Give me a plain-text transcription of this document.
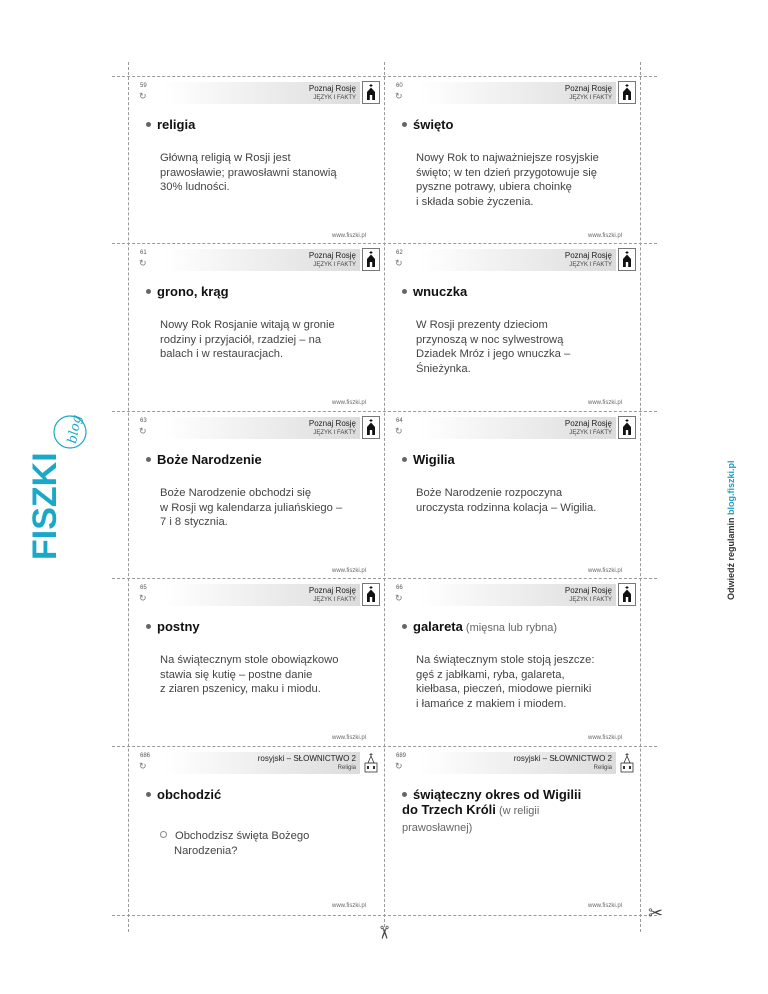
FISZKI
blog
Odwiedź regulamin blog.fiszki.pl
✂
✂
59
↻
Poznaj Rosję
JĘZYK I FAKTY
religia
Główną religią w Rosji jest
prawosławie; prawosławni stanowią
30% ludności.
www.fiszki.pl
60
↻
Poznaj Rosję
JĘZYK I FAKTY
święto
Nowy Rok to najważniejsze rosyjskie
święto; w ten dzień przygotowuje się
pyszne potrawy, ubiera choinkę
i składa sobie życzenia.
www.fiszki.pl
61
↻
Poznaj Rosję
JĘZYK I FAKTY
grono, krąg
Nowy Rok Rosjanie witają w gronie
rodziny i przyjaciół, rzadziej – na
balach i w restauracjach.
www.fiszki.pl
62
↻
Poznaj Rosję
JĘZYK I FAKTY
wnuczka
W Rosji prezenty dzieciom
przynoszą w noc sylwestrową
Dziadek Mróz i jego wnuczka –
Śnieżynka.
www.fiszki.pl
63
↻
Poznaj Rosję
JĘZYK I FAKTY
Boże Narodzenie
Boże Narodzenie obchodzi się
w Rosji wg kalendarza juliańskiego –
7 i 8 stycznia.
www.fiszki.pl
64
↻
Poznaj Rosję
JĘZYK I FAKTY
Wigilia
Boże Narodzenie rozpoczyna
uroczysta rodzinna kolacja – Wigilia.
www.fiszki.pl
65
↻
Poznaj Rosję
JĘZYK I FAKTY
postny
Na świątecznym stole obowiązkowo
stawia się kutię – postne danie
z ziaren pszenicy, maku i miodu.
www.fiszki.pl
66
↻
Poznaj Rosję
JĘZYK I FAKTY
galareta (mięsna lub rybna)
Na świątecznym stole stoją jeszcze:
gęś z jabłkami, ryba, galareta,
kiełbasa, pieczeń, miodowe pierniki
i łamańce z makiem i miodem.
www.fiszki.pl
686
↻
rosyjski – SŁOWNICTWO 2
Religia
obchodzić
Obchodzisz święta Bożego
Narodzenia?
www.fiszki.pl
689
↻
rosyjski – SŁOWNICTWO 2
Religia
świąteczny okres od Wigilii
do Trzech Króli (w religii
prawosławnej)
www.fiszki.pl
